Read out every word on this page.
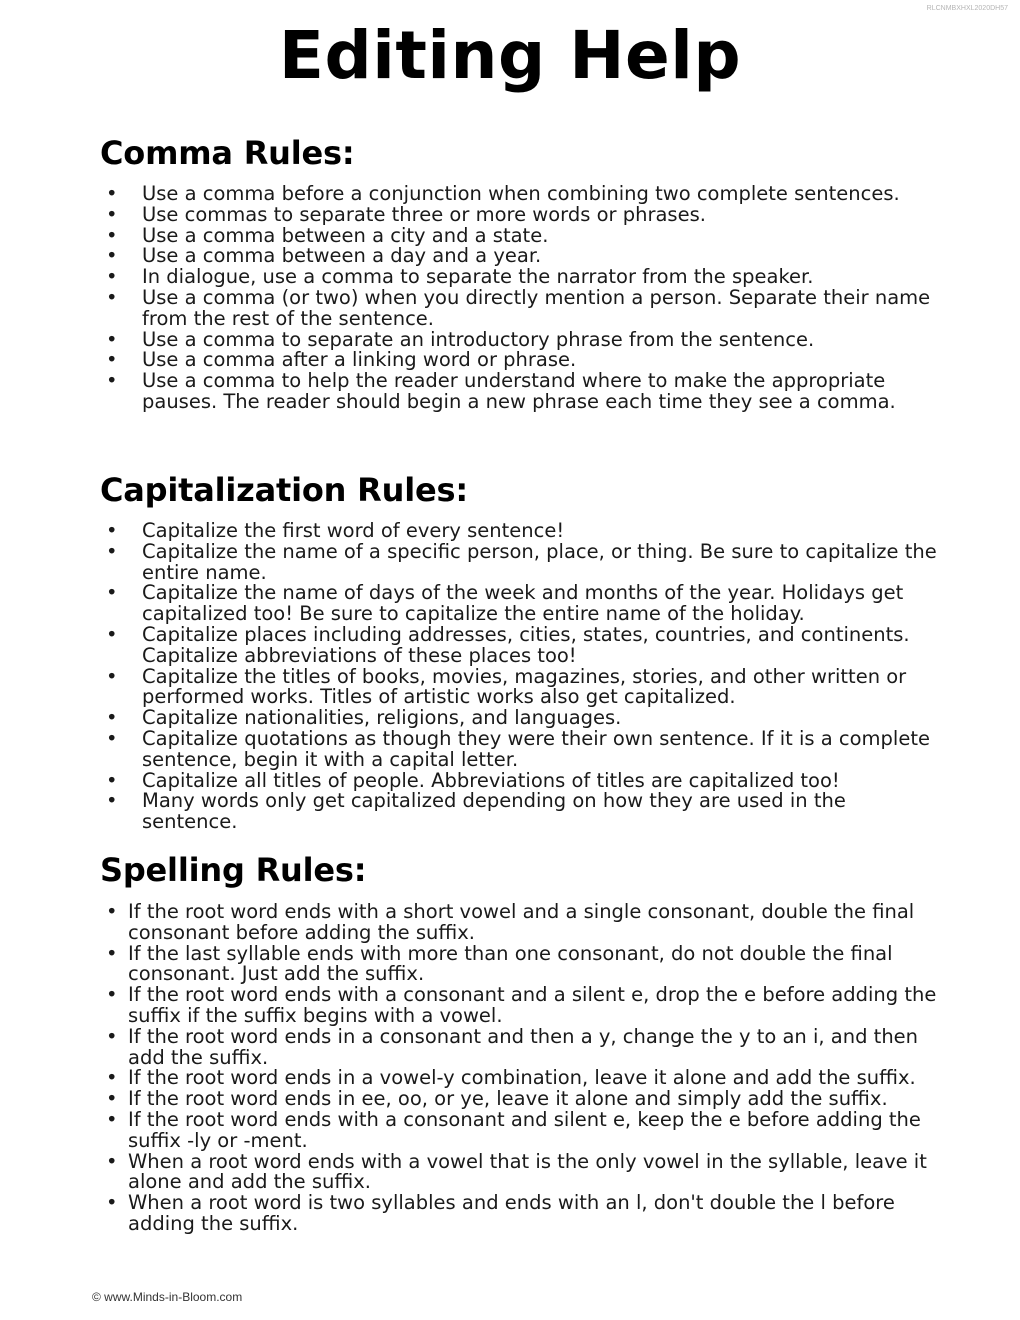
RLCNMBXHXL2020DH57
Editing Help
Comma Rules:
• Use a comma before a conjunction when combining two complete sentences.
• Use commas to separate three or more words or phrases.
• Use a comma between a city and a state.
• Use a comma between a day and a year.
• In dialogue, use a comma to separate the narrator from the speaker.
• Use a comma (or two) when you directly mention a person. Separate their name from the rest of the sentence.
• Use a comma to separate an introductory phrase from the sentence.
• Use a comma after a linking word or phrase.
• Use a comma to help the reader understand where to make the appropriate pauses. The reader should begin a new phrase each time they see a comma.
Capitalization Rules:
• Capitalize the first word of every sentence!
• Capitalize the name of a specific person, place, or thing. Be sure to capitalize the entire name.
• Capitalize the name of days of the week and months of the year. Holidays get capitalized too! Be sure to capitalize the entire name of the holiday.
• Capitalize places including addresses, cities, states, countries, and continents. Capitalize abbreviations of these places too!
• Capitalize the titles of books, movies, magazines, stories, and other written or performed works. Titles of artistic works also get capitalized.
• Capitalize nationalities, religions, and languages.
• Capitalize quotations as though they were their own sentence. If it is a complete sentence, begin it with a capital letter.
• Capitalize all titles of people. Abbreviations of titles are capitalized too!
• Many words only get capitalized depending on how they are used in the sentence.
Spelling Rules:
• If the root word ends with a short vowel and a single consonant, double the final consonant before adding the suffix.
• If the last syllable ends with more than one consonant, do not double the final consonant. Just add the suffix.
• If the root word ends with a consonant and a silent e, drop the e before adding the suffix if the suffix begins with a vowel.
• If the root word ends in a consonant and then a y, change the y to an i, and then add the suffix.
• If the root word ends in a vowel-y combination, leave it alone and add the suffix.
• If the root word ends in ee, oo, or ye, leave it alone and simply add the suffix.
• If the root word ends with a consonant and silent e, keep the e before adding the suffix -ly or -ment.
• When a root word ends with a vowel that is the only vowel in the syllable, leave it alone and add the suffix.
• When a root word is two syllables and ends with an l, don't double the l before adding the suffix.
© www.Minds-in-Bloom.com
